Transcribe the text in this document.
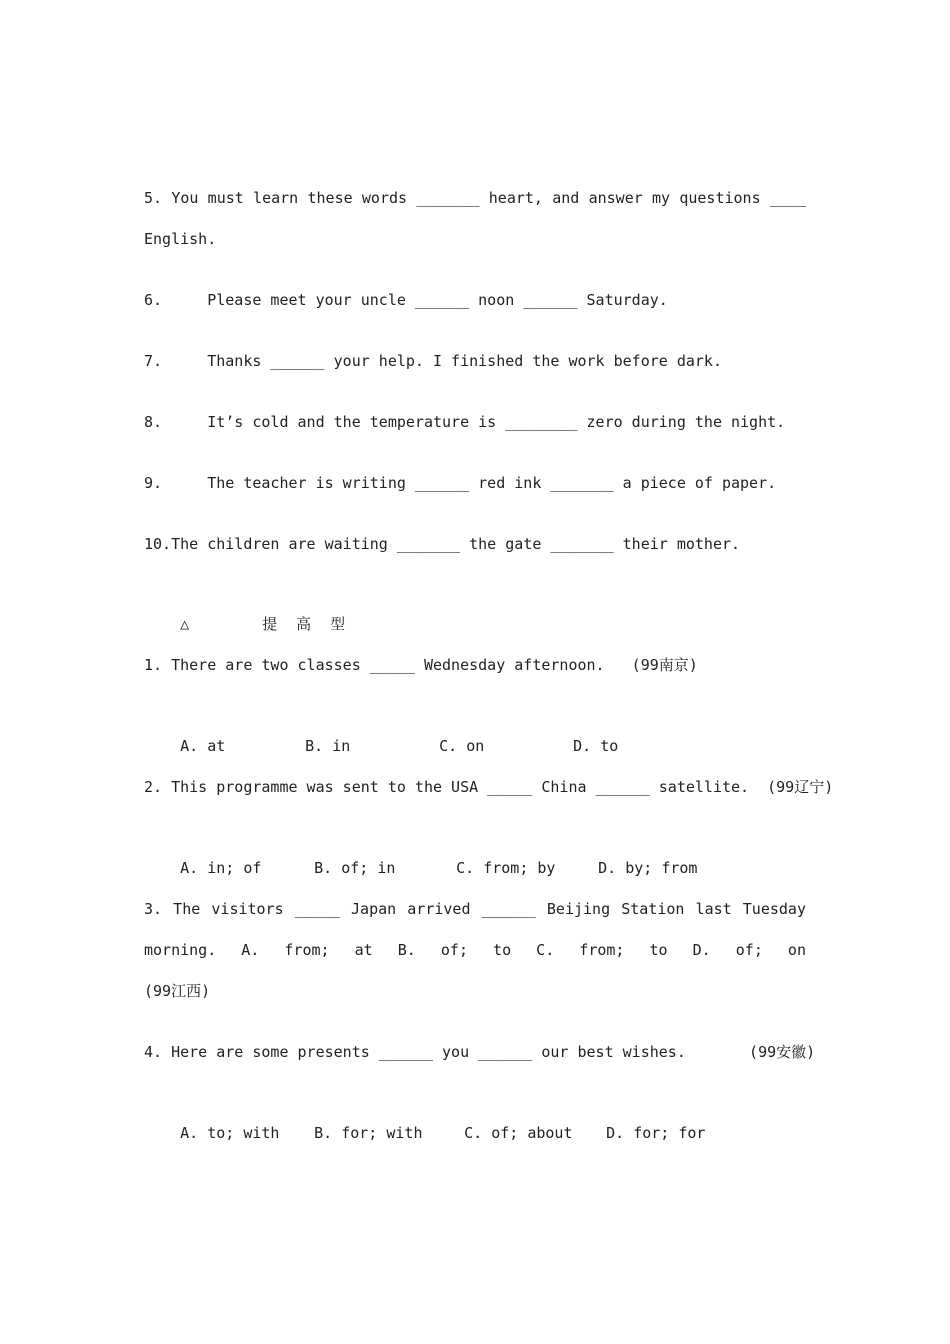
5. You must learn these words _______ heart, and answer my questions ____
English.
6.     Please meet your uncle ______ noon ______ Saturday.
7.     Thanks ______ your help. I finished the work before dark.
8.     It’s cold and the temperature is ________ zero during the night.
9.     The teacher is writing ______ red ink _______ a piece of paper.
10.The children are waiting _______ the gate _______ their mother.

△	提 高 型

1. There are two classes _____ Wednesday afternoon.   (99南京)

A. at	B. in	C. on	D. to

2. This programme was sent to the USA _____ China ______ satellite.  (99辽宁)

A. in; of	B. of; in	C. from; by	D. by; from

3. The visitors _____ Japan arrived ______ Beijing Station last Tuesday
morning. A. from; at B. of; to C. from; to D. of; on
(99江西)
4. Here are some presents ______ you ______ our best wishes.       (99安徽)

A. to; with B. for; with	C. of; about D. for; for
